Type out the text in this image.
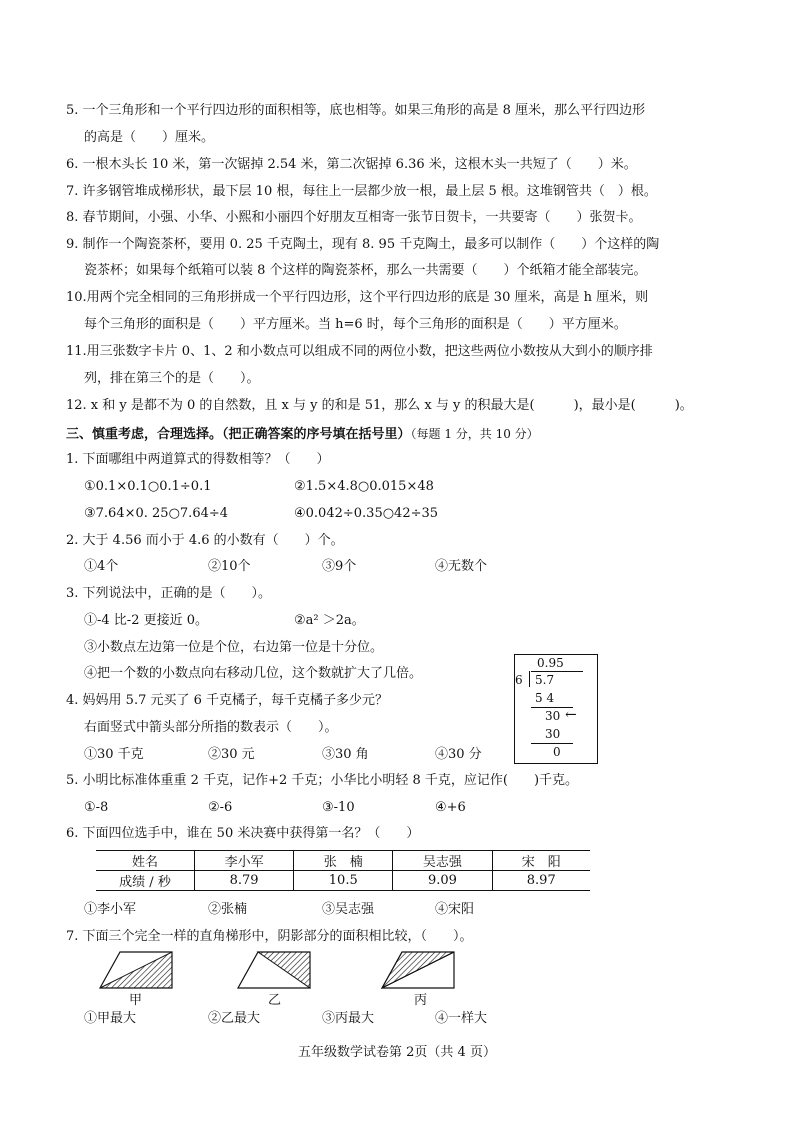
5. 一个三角形和一个平行四边形的面积相等，底也相等。如果三角形的高是 8 厘米，那么平行四边形
的高是（　　）厘米。
6. 一根木头长 10 米，第一次锯掉 2.54 米，第二次锯掉 6.36 米，这根木头一共短了（　　）米。
7. 许多钢管堆成梯形状，最下层 10 根，每往上一层都少放一根，最上层 5 根。这堆钢管共（　）根。
8. 春节期间，小强、小华、小熙和小丽四个好朋友互相寄一张节日贺卡，一共要寄（　　）张贺卡。
9. 制作一个陶瓷茶杯，要用 0. 25 千克陶土，现有 8. 95 千克陶土，最多可以制作（　　）个这样的陶
瓷茶杯；如果每个纸箱可以装 8 个这样的陶瓷茶杯，那么一共需要（　　）个纸箱才能全部装完。
10.用两个完全相同的三角形拼成一个平行四边形，这个平行四边形的底是 30 厘米，高是 h 厘米，则
每个三角形的面积是（　　）平方厘米。当 h=6 时，每个三角形的面积是（　　）平方厘米。
11.用三张数字卡片 0、1、2 和小数点可以组成不同的两位小数，把这些两位小数按从大到小的顺序排
列，排在第三个的是（　　）。
12. x 和 y 是都不为 0 的自然数，且 x 与 y 的和是 51，那么 x 与 y 的积最大是(　　　)，最小是(　　　)。
三、慎重考虑，合理选择。（把正确答案的序号填在括号里）（每题 1 分，共 10 分）
1. 下面哪组中两道算式的得数相等？（　　）
①0.1×0.1○0.1÷0.1	②1.5×4.8○0.015×48
③7.64×0. 25○7.64÷4	④0.042÷0.35○42÷35
2. 大于 4.56 而小于 4.6 的小数有（　　）个。
①4个	②10个	③9个	④无数个
3. 下列说法中，正确的是（　　）。
①-4 比-2 更接近 0。	②a² ＞2a。
③小数点左边第一位是个位，右边第一位是十分位。
④把一个数的小数点向右移动几位，这个数就扩大了几倍。
4. 妈妈用 5.7 元买了 6 千克橘子，每千克橘子多少元？
右面竖式中箭头部分所指的数表示（　　）。
①30 千克	②30 元	③30 角	④30 分
0.95
6 5.7
5 4
30 ←
30
0
5. 小明比标准体重重 2 千克，记作+2 千克；小华比小明轻 8 千克，应记作(　　)千克。
①-8	②-6	③-10	④+6
6. 下面四位选手中，谁在 50 米决赛中获得第一名？（　　）
姓名	李小军	张　楠	吴志强	宋　阳
成绩 / 秒	8.79	10.5	9.09	8.97
①李小军	②张楠	③吴志强	④宋阳
7. 下面三个完全一样的直角梯形中，阴影部分的面积相比较，（　　）。
甲	乙	丙
①甲最大	②乙最大	③丙最大	④一样大
五年级数学试卷第 2页（共 4 页）
